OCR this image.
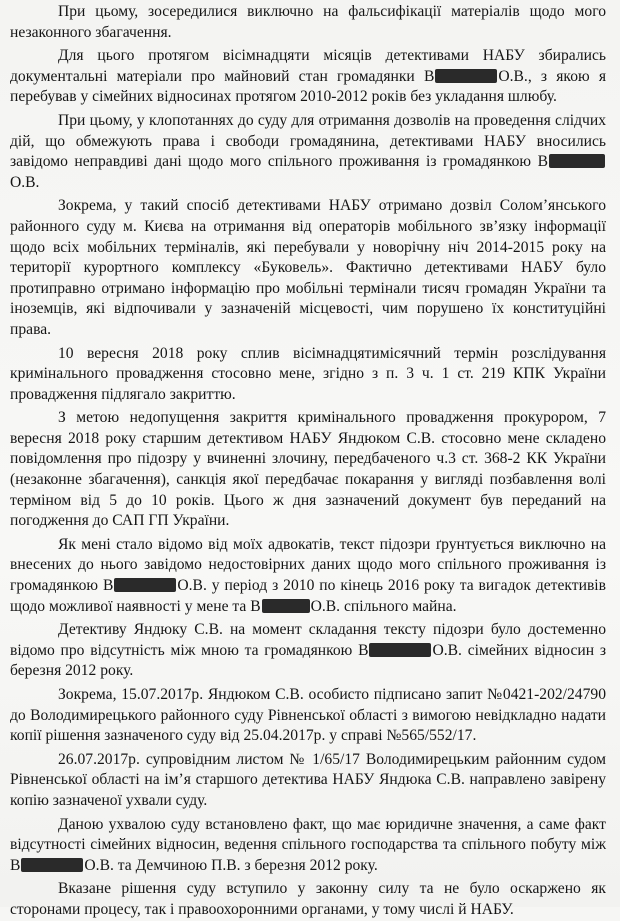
При цьому, зосередилися виключно на фальсифікації матеріалів щодо мого незаконного збагачення.

Для цього протягом вісімнадцяти місяців детективами НАБУ збирались документальні матеріали про майновий стан громадянки В	О.В., з якою я перебував у сімейних відносинах протягом 2010-2012 років без укладання шлюбу.

При цьому, у клопотаннях до суду для отримання дозволів на проведення слідчих дій, що обмежують права і свободи громадянина, детективами НАБУ вносились завідомо неправдиві дані щодо мого спільного проживання із громадянкою ВО.В.

Зокрема, у такий спосіб детективами НАБУ отримано дозвіл Солом’янського районного суду м. Києва на отримання від операторів мобільного зв’язку інформації щодо всіх мобільних терміналів, які перебували у новорічну ніч 2014-2015 року на території курортного комплексу «Буковель». Фактично детективами НАБУ було протиправно отримано інформацію про мобільні термінали тисяч громадян України та іноземців, які відпочивали у зазначеній місцевості, чим порушено їх конституційні права.

10 вересня 2018 року сплив вісімнадцятимісячний термін розслідування кримінального провадження стосовно мене, згідно з п. 3 ч. 1 ст. 219 КПК України провадження підлягало закриттю.

З метою недопущення закриття кримінального провадження прокурором, 7 вересня 2018 року старшим детективом НАБУ Яндюком С.В. стосовно мене складено повідомлення про підозру у вчиненні злочину, передбаченого ч.3 ст. 368-2 КК України (незаконне збагачення), санкція якої передбачає покарання у вигляді позбавлення волі терміном від 5 до 10 років. Цього ж дня зазначений документ був переданий на погодження до САП ГП України.

Як мені стало відомо від моїх адвокатів, текст підозри ґрунтується виключно на внесених до нього завідомо недостовірних даних щодо мого спільного проживання із громадянкою В	О.В. у період з 2010 по кінець 2016 року та вигадок детективів щодо можливої наявності у мене та В	О.В. спільного майна.

Детективу Яндюку С.В. на момент складання тексту підозри було достеменно відомо про відсутність між мною та громадянкою В	О.В. сімейних відносин з березня 2012 року.

Зокрема, 15.07.2017р. Яндюком С.В. особисто підписано запит №0421-202/24790 до Володимирецького районного суду Рівненської області з вимогою невідкладно надати копії рішення зазначеного суду від 25.04.2017р. у справі №565/552/17.

26.07.2017р. супровідним листом № 1/65/17 Володимирецьким районним судом Рівненської області на ім’я старшого детектива НАБУ Яндюка С.В. направлено завірену копію зазначеної ухвали суду.

Даною ухвалою суду встановлено факт, що має юридичне значення, а саме факт відсутності сімейних відносин, ведення спільного господарства та спільного побуту між В	О.В. та Демчиною П.В. з березня 2012 року.

Вказане рішення суду вступило у законну силу та не було оскаржено як сторонами процесу, так і правоохоронними органами, у тому числі й НАБУ.
